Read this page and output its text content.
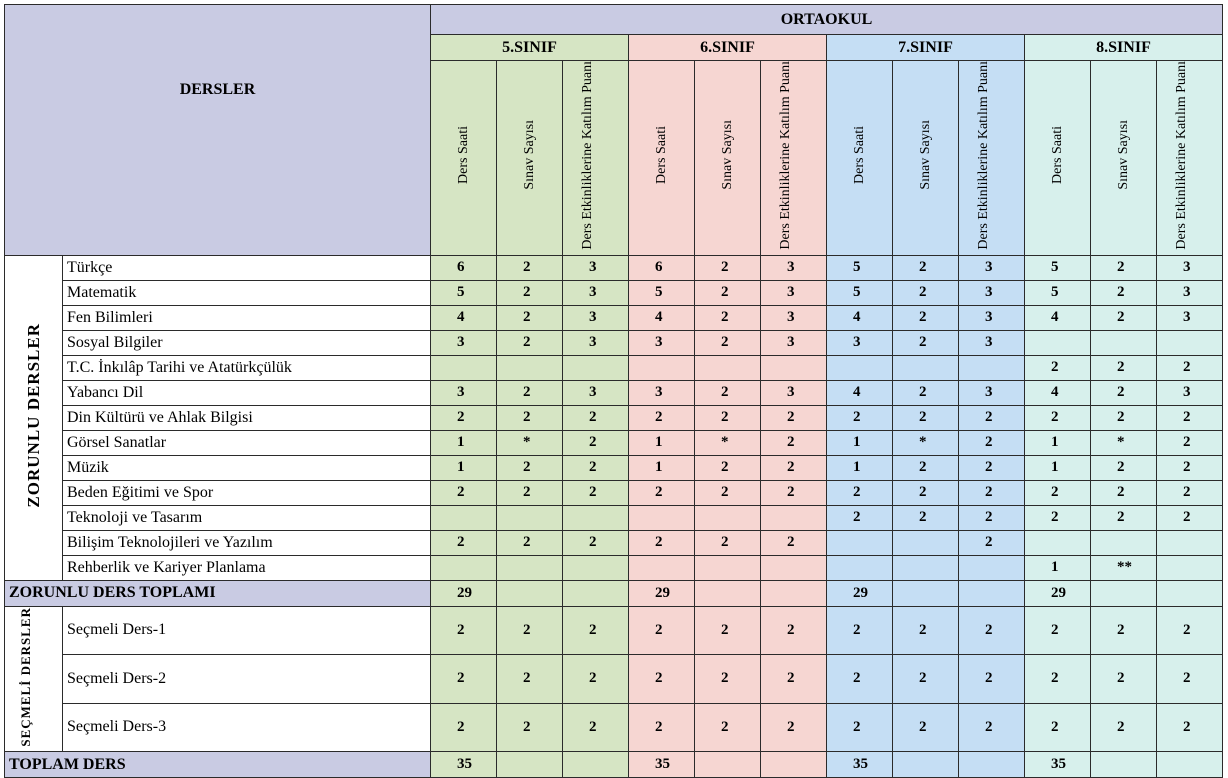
DERSLER		ORTAOKUL											
		5.SINIF			6.SINIF			7.SINIF			8.SINIF		
		Ders Saati	Sınav Sayısı	Ders Etkinliklerine Katılım Puanı	Ders Saati	Sınav Sayısı	Ders Etkinliklerine Katılım Puanı	Ders Saati	Sınav Sayısı	Ders Etkinliklerine Katılım Puanı	Ders Saati	Sınav Sayısı	Ders Etkinliklerine Katılım Puanı
ZORUNLU DERSLER	Türkçe	6	2	3	6	2	3	5	2	3	5	2	3
	Matematik	5	2	3	5	2	3	5	2	3	5	2	3
	Fen Bilimleri	4	2	3	4	2	3	4	2	3	4	2	3
	Sosyal Bilgiler	3	2	3	3	2	3	3	2	3			
	T.C. İnkılâp Tarihi ve Atatürkçülük										2	2	2
	Yabancı Dil	3	2	3	3	2	3	4	2	3	4	2	3
	Din Kültürü ve Ahlak Bilgisi	2	2	2	2	2	2	2	2	2	2	2	2
	Görsel Sanatlar	1	*	2	1	*	2	1	*	2	1	*	2
	Müzik	1	2	2	1	2	2	1	2	2	1	2	2
	Beden Eğitimi ve Spor	2	2	2	2	2	2	2	2	2	2	2	2
	Teknoloji ve Tasarım							2	2	2	2	2	2
	Bilişim Teknolojileri ve Yazılım	2	2	2	2	2	2			2			
	Rehberlik ve Kariyer Planlama										1	**	
ZORUNLU DERS TOPLAMI		29			29			29			29		
SEÇMELİ DERSLER	Seçmeli Ders-1	2	2	2	2	2	2	2	2	2	2	2	2
	Seçmeli Ders-2	2	2	2	2	2	2	2	2	2	2	2	2
	Seçmeli Ders-3	2	2	2	2	2	2	2	2	2	2	2	2
TOPLAM DERS		35			35			35			35		
